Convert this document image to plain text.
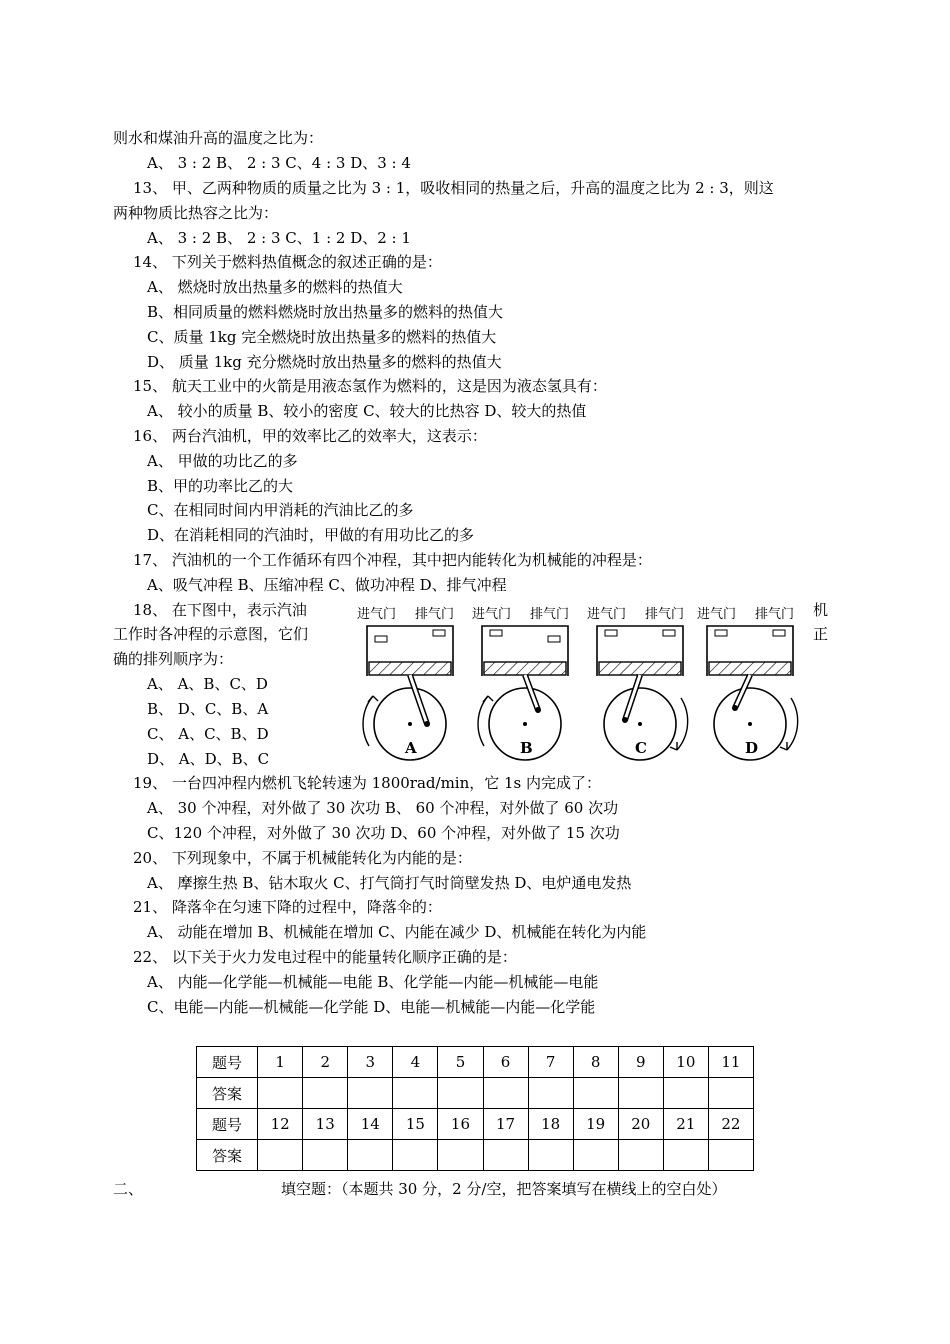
则水和煤油升高的温度之比为：
A、 3 : 2 B、 2 : 3 C、4 : 3 D、3 : 4
13、 甲、乙两种物质的质量之比为 3 : 1，吸收相同的热量之后，升高的温度之比为 2 : 3，则这
两种物质比热容之比为：
A、 3 : 2 B、 2 : 3 C、1 : 2 D、2 : 1
14、 下列关于燃料热值概念的叙述正确的是：
A、 燃烧时放出热量多的燃料的热值大
B、相同质量的燃料燃烧时放出热量多的燃料的热值大
C、质量 1kg 完全燃烧时放出热量多的燃料的热值大
D、 质量 1kg 充分燃烧时放出热量多的燃料的热值大
15、 航天工业中的火箭是用液态氢作为燃料的，这是因为液态氢具有：
A、 较小的质量 B、较小的密度 C、较大的比热容 D、较大的热值
16、 两台汽油机，甲的效率比乙的效率大，这表示：
A、 甲做的功比乙的多
B、甲的功率比乙的大
C、在相同时间内甲消耗的汽油比乙的多
D、在消耗相同的汽油时，甲做的有用功比乙的多
17、 汽油机的一个工作循环有四个冲程，其中把内能转化为机械能的冲程是：
A、吸气冲程 B、压缩冲程 C、做功冲程 D、排气冲程
18、 在下图中，表示汽油	机
工作时各冲程的示意图，它们	正
确的排列顺序为：
A、 A、B、C、D
B、 D、C、B、A
C、 A、C、B、D
D、 A、D、B、C
19、 一台四冲程内燃机飞轮转速为 1800rad/min，它 1s 内完成了：
A、 30 个冲程，对外做了 30 次功 B、 60 个冲程，对外做了 60 次功
C、120 个冲程，对外做了 30 次功 D、60 个冲程，对外做了 15 次功
20、 下列现象中，不属于机械能转化为内能的是：
A、 摩擦生热 B、钻木取火 C、打气筒打气时筒壁发热 D、电炉通电发热
21、 降落伞在匀速下降的过程中，降落伞的：
A、 动能在增加 B、机械能在增加 C、内能在减少 D、机械能在转化为内能
22、 以下关于火力发电过程中的能量转化顺序正确的是：
A、 内能—化学能—机械能—电能 B、化学能—内能—机械能—电能
C、电能—内能—机械能—化学能 D、电能—机械能—内能—化学能
进气门 排气门
A
进气门 排气门
B
进气门 排气门
C
进气门 排气门
D
题号	1	2	3	4	5	6	7	8	9	10	11
答案											
题号	12	13	14	15	16	17	18	19	20	21	22
答案											
二、	填空题：（本题共 30 分，2 分/空，把答案填写在横线上的空白处）
